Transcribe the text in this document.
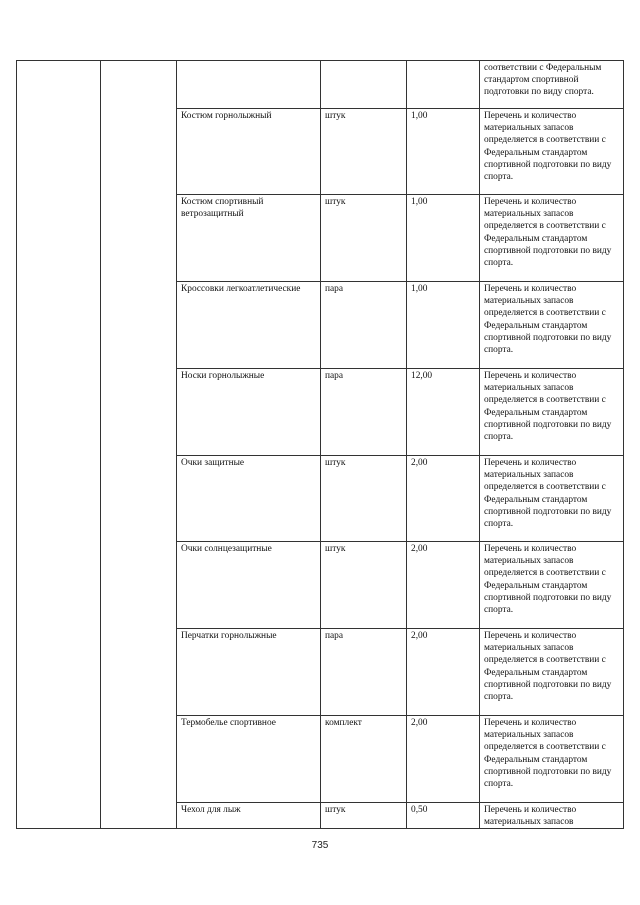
					соответствии с Федеральным стандартом спортивной подготовки по виду спорта.
		Костюм горнолыжный	штук	1,00	Перечень и количество материальных запасов определяется в соответствии с Федеральным стандартом спортивной подготовки по виду спорта.
		Костюм спортивный ветрозащитный	штук	1,00	Перечень и количество материальных запасов определяется в соответствии с Федеральным стандартом спортивной подготовки по виду спорта.
		Кроссовки легкоатлетические	пара	1,00	Перечень и количество материальных запасов определяется в соответствии с Федеральным стандартом спортивной подготовки по виду спорта.
		Носки горнолыжные	пара	12,00	Перечень и количество материальных запасов определяется в соответствии с Федеральным стандартом спортивной подготовки по виду спорта.
		Очки защитные	штук	2,00	Перечень и количество материальных запасов определяется в соответствии с Федеральным стандартом спортивной подготовки по виду спорта.
		Очки солнцезащитные	штук	2,00	Перечень и количество материальных запасов определяется в соответствии с Федеральным стандартом спортивной подготовки по виду спорта.
		Перчатки горнолыжные	пара	2,00	Перечень и количество материальных запасов определяется в соответствии с Федеральным стандартом спортивной подготовки по виду спорта.
		Термобелье спортивное	комплект	2,00	Перечень и количество материальных запасов определяется в соответствии с Федеральным стандартом спортивной подготовки по виду спорта.
		Чехол для лыж	штук	0,50	Перечень и количество материальных запасов
735
